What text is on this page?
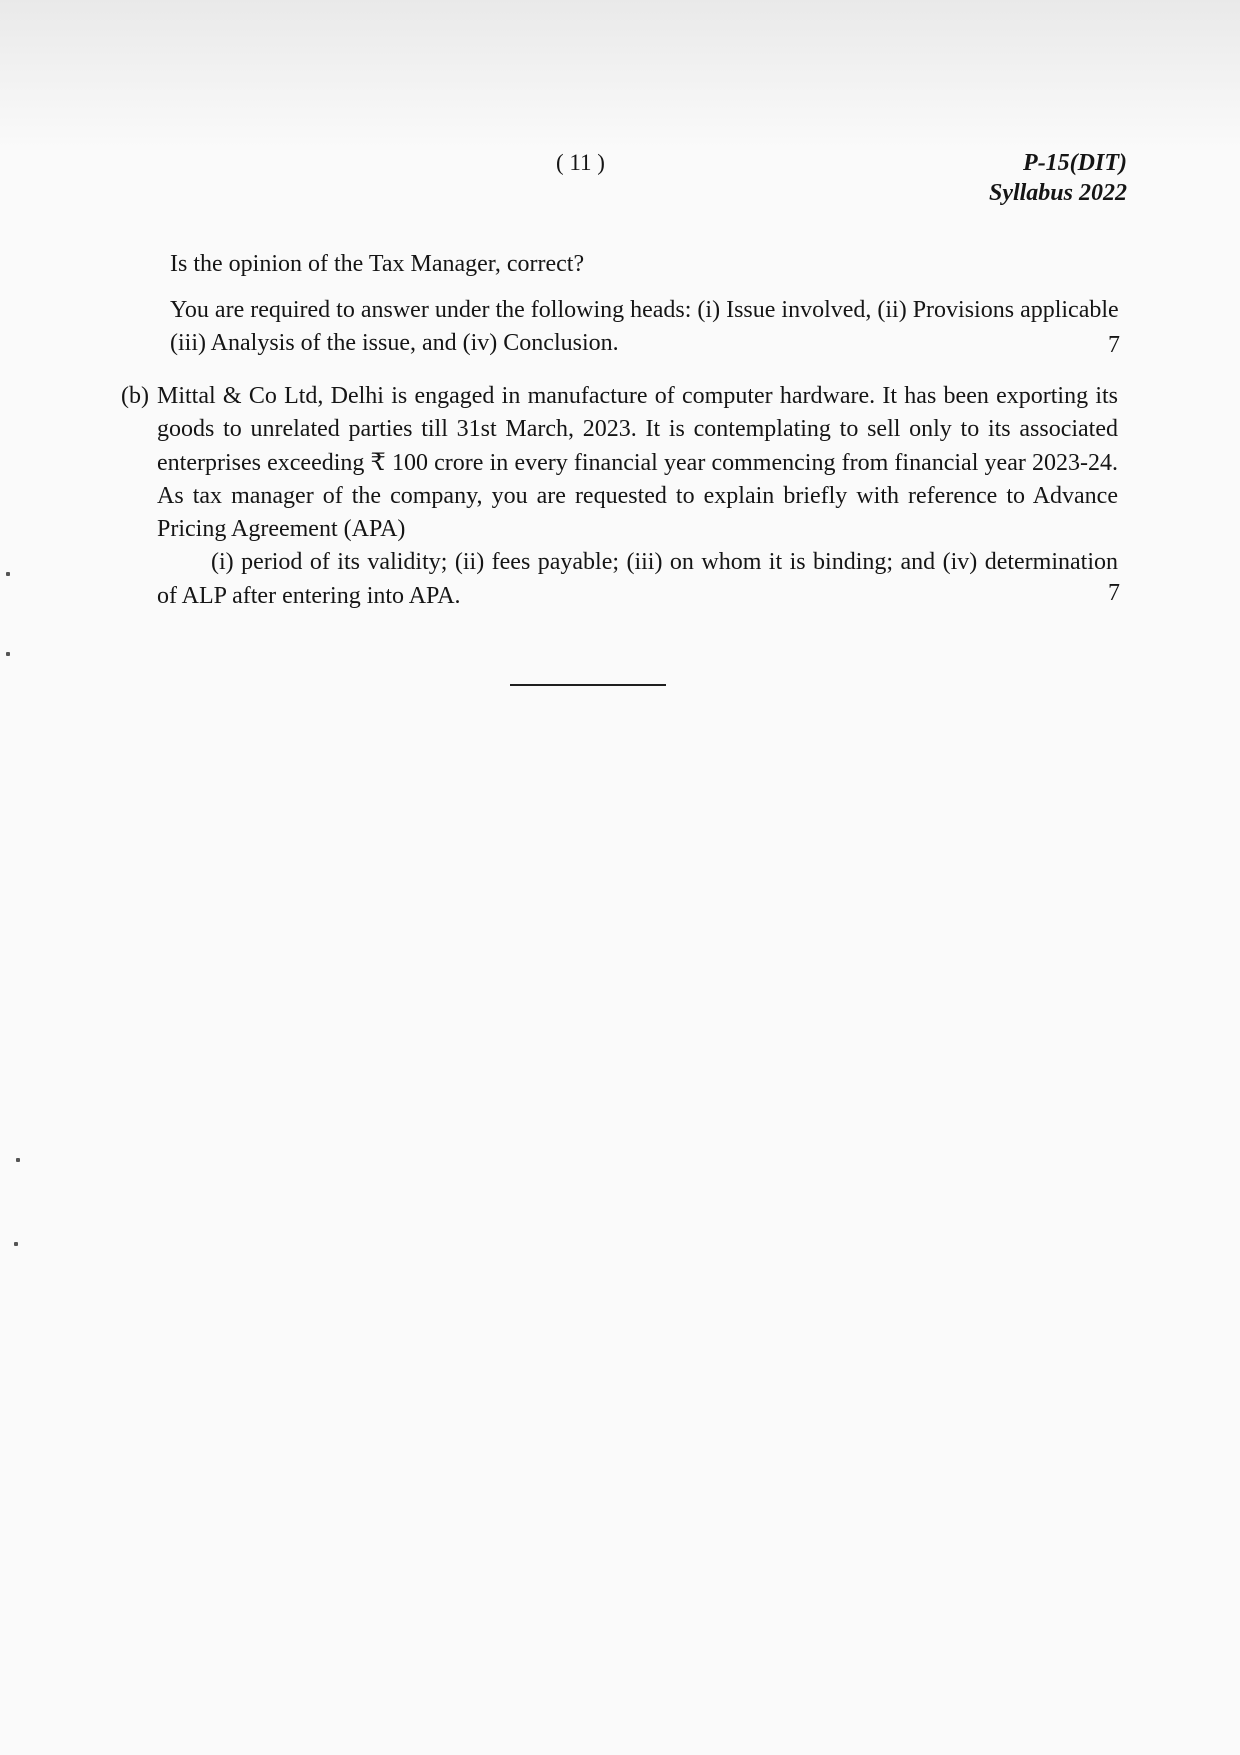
( 11 )	P-15(DIT)
Syllabus 2022
Is the opinion of the Tax Manager, correct?
You are required to answer under the following heads: (i) Issue involved, (ii) Provisions applicable (iii) Analysis of the issue, and (iv) Conclusion.	7
(b) Mittal & Co Ltd, Delhi is engaged in manufacture of computer hardware. It has been exporting its goods to unrelated parties till 31st March, 2023. It is contemplating to sell only to its associated enterprises exceeding ₹ 100 crore in every financial year commencing from financial year 2023-24. As tax manager of the company, you are requested to explain briefly with reference to Advance Pricing Agreement (APA)
(i) period of its validity; (ii) fees payable; (iii) on whom it is binding; and (iv) determination of ALP after entering into APA.	7
